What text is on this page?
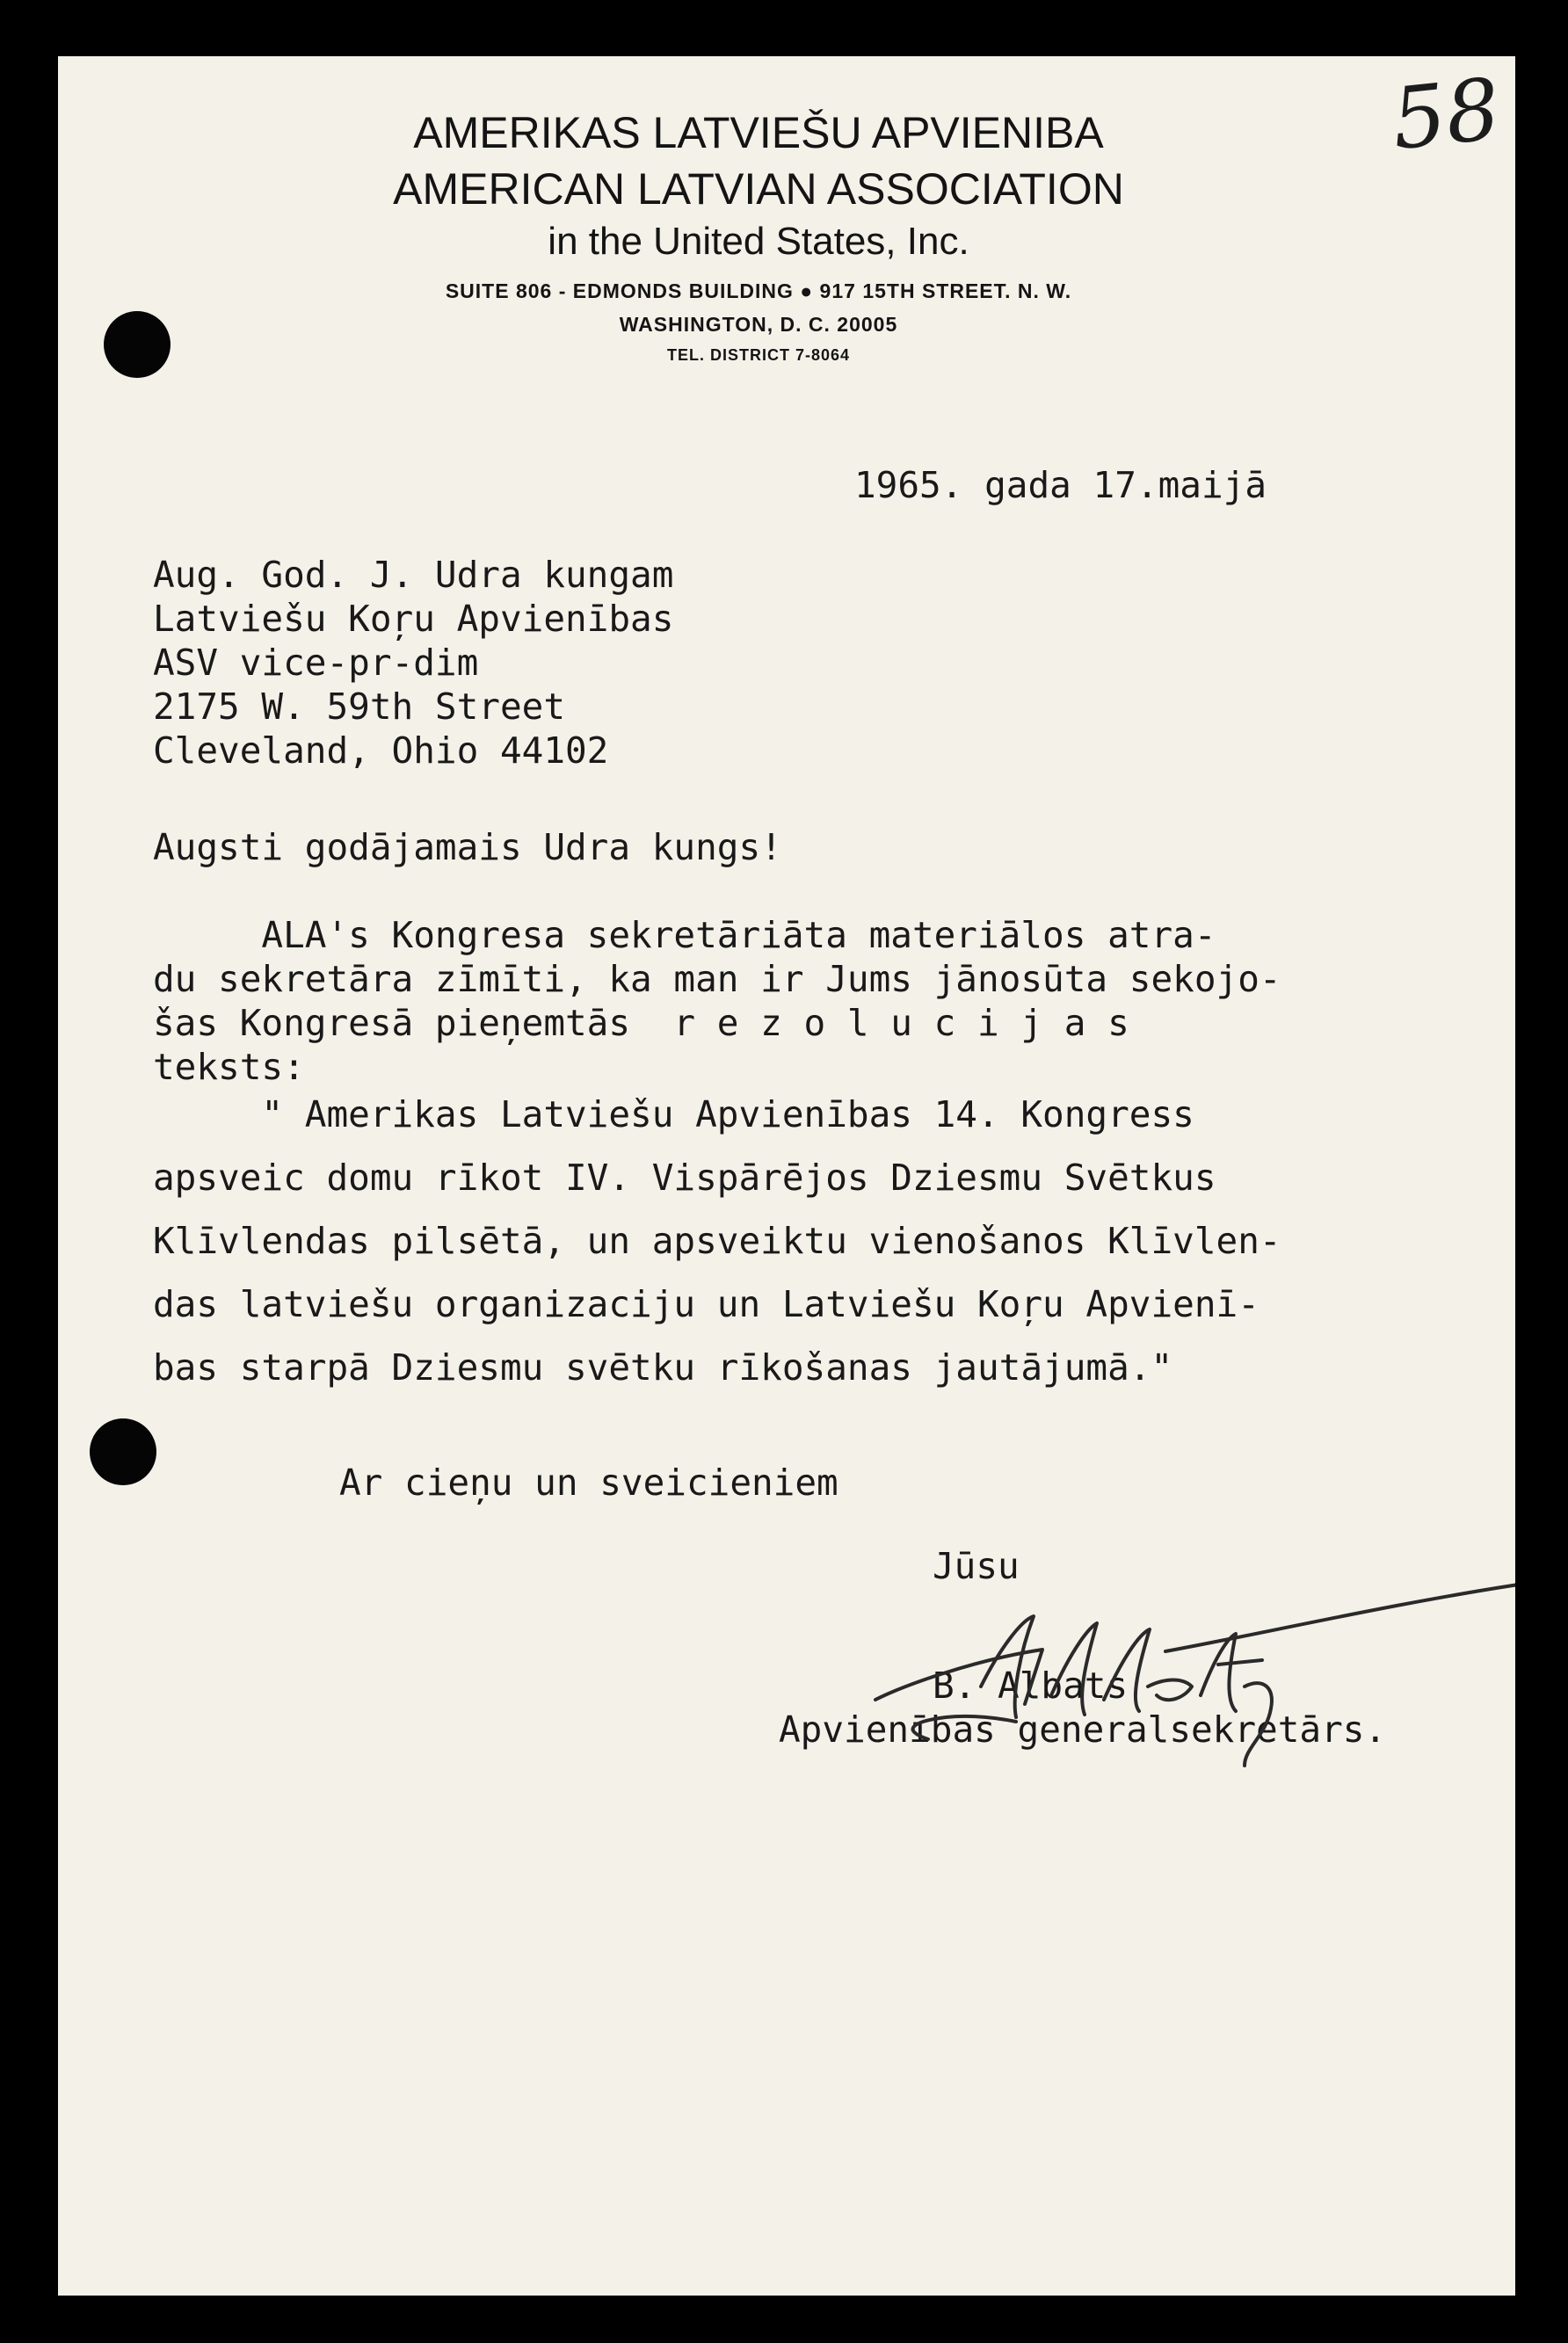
58
AMERIKAS LATVIEŠU APVIENIBA
AMERICAN LATVIAN ASSOCIATION
in the United States, Inc.
SUITE 806 - EDMONDS BUILDING ● 917 15TH STREET. N. W.
WASHINGTON, D. C. 20005
TEL. DISTRICT 7-8064
1965. gada 17.maijā
Aug. God. J. Udra kungam
Latviešu Koŗu Apvienības
ASV vice-pr-dim
2175 W. 59th Street
Cleveland, Ohio 44102
Augsti godājamais Udra kungs!
ALA's Kongresa sekretāriāta materiālos atra-
du sekretāra zīmīti, ka man ir Jums jānosūta sekojo-
šas Kongresā pieņemtās  r e z o l u c i j a s
teksts:
" Amerikas Latviešu Apvienības 14. Kongress
apsveic domu rīkot IV. Vispārējos Dziesmu Svētkus
Klīvlendas pilsētā, un apsveiktu vienošanos Klīvlen-
das latviešu organizaciju un Latviešu Koŗu Apvienī-
bas starpā Dziesmu svētku rīkošanas jautājumā."
Ar cieņu un sveicieniem
Jūsu
B. Albats
Apvienības generalsekretārs.
